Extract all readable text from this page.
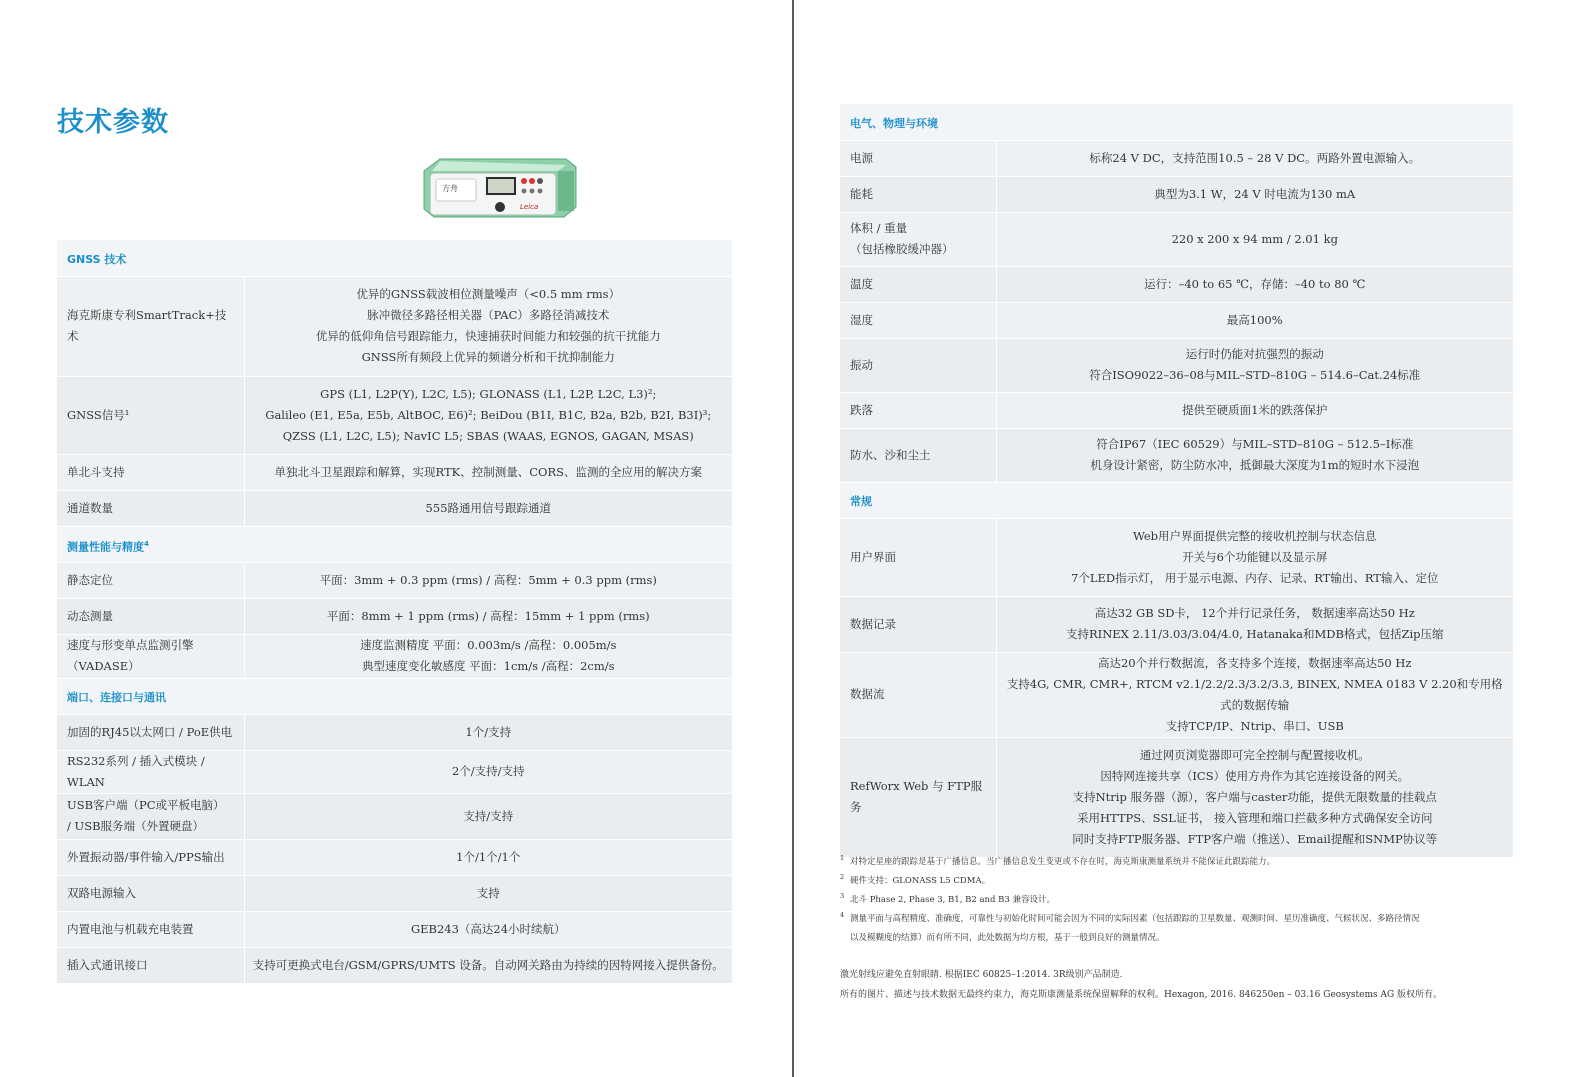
技术参数
方舟
Leica
GNSS 技术	

海克斯康专利SmartTrack+技术	优异的GNSS载波相位测量噪声（<0.5 mm rms）
脉冲微径多路径相关器（PAC）多路径消减技术
优异的低仰角信号跟踪能力，快速捕获时间能力和较强的抗干扰能力
GNSS所有频段上优异的频谱分析和干扰抑制能力

GNSS信号¹	GPS (L1, L2P(Y), L2C, L5); GLONASS (L1, L2P, L2C, L3)²;
Galileo (E1, E5a, E5b, AltBOC, E6)²; BeiDou (B1I, B1C, B2a, B2b, B2I, B3I)³;
QZSS (L1, L2C, L5); NavIC L5; SBAS (WAAS, EGNOS, GAGAN, MSAS)

单北斗支持	单独北斗卫星跟踪和解算，实现RTK、控制测量、CORS、监测的全应用的解决方案

通道数量	555路通用信号跟踪通道

测量性能与精度$^4$

静态定位	平面：3mm + 0.3 ppm (rms) / 高程：5mm + 0.3 ppm (rms)

动态测量	平面：8mm + 1 ppm (rms) / 高程：15mm + 1 ppm (rms)

速度与形变单点监测引擎
（VADASE）	速度监测精度 平面：0.003m/s /高程：0.005m/s
典型速度变化敏感度 平面：1cm/s /高程：2cm/s

端口、连接口与通讯	

加固的RJ45以太网口 / PoE供电	1个/支持

RS232系列 / 插入式模块 / WLAN	2个/支持/支持

USB客户端（PC或平板电脑）
/ USB服务端（外置硬盘）	支持/支持

外置振动器/事件输入/PPS输出	1个/1个/1个

双路电源输入	支持

内置电池与机载充电装置	GEB243（高达24小时续航）

插入式通讯接口	支持可更换式电台/GSM/GPRS/UMTS 设备。自动网关路由为持续的因特网接入提供备份。
电气、物理与环境	

电源	标称24 V DC，支持范围10.5 – 28 V DC。两路外置电源输入。

能耗	典型为3.1 W，24 V 时电流为130 mA

体积 / 重量
（包括橡胶缓冲器）	220 x 200 x 94 mm / 2.01 kg

温度	运行：–40 to 65 ℃，存储：–40 to 80 ℃

湿度	最高100%

振动	运行时仍能对抗强烈的振动
符合ISO9022–36–08与MIL–STD–810G – 514.6–Cat.24标准

跌落	提供至硬质面1米的跌落保护

防水、沙和尘土	符合IP67（IEC 60529）与MIL–STD–810G – 512.5–I标准
机身设计紧密，防尘防水冲，抵御最大深度为1m的短时水下浸泡

常规	

用户界面	Web用户界面提供完整的接收机控制与状态信息
开关与6个功能键以及显示屏
7个LED指示灯， 用于显示电源、内存、记录、RT输出、RT输入、定位

数据记录	高达32 GB SD卡， 12个并行记录任务， 数据速率高达50 Hz
支持RINEX 2.11/3.03/3.04/4.0, Hatanaka和MDB格式，包括Zip压缩

数据流	高达20个并行数据流，各支持多个连接，数据速率高达50 Hz
支持4G, CMR, CMR+, RTCM v2.1/2.2/2.3/3.2/3.3, BINEX, NMEA 0183 V 2.20和专用格式的数据传输
支持TCP/IP、Ntrip、串口、USB

RefWorx Web 与 FTP服务	通过网页浏览器即可完全控制与配置接收机。
因特网连接共享（ICS）使用方舟作为其它连接设备的网关。
支持Ntrip 服务器（源），客户端与caster功能，提供无限数量的挂载点
采用HTTPS、SSL证书， 接入管理和端口拦截多种方式确保安全访问
同时支持FTP服务器、FTP客户端（推送）、Email提醒和SNMP协议等
1 对特定星座的跟踪是基于广播信息。当广播信息发生变更或不存在时，海克斯康测量系统并不能保证此跟踪能力。
2 硬件支持：GLONASS L5 CDMA。
3 北斗 Phase 2, Phase 3, B1, B2 and B3 兼容设计。
4 测量平面与高程精度、准确度，可靠性与初始化时间可能会因为不同的实际因素（包括跟踪的卫星数量、观测时间、星历准确度、气候状况、多路径情况
以及模糊度的结算）而有所不同，此处数据为均方根，基于一般到良好的测量情况。
激光射线应避免直射眼睛. 根据IEC 60825–1:2014. 3R级别产品制造.
所有的图片、描述与技术数据无最终约束力，海克斯康测量系统保留解释的权利。Hexagon, 2016. 846250en – 03.16 Geosystems AG 版权所有。
